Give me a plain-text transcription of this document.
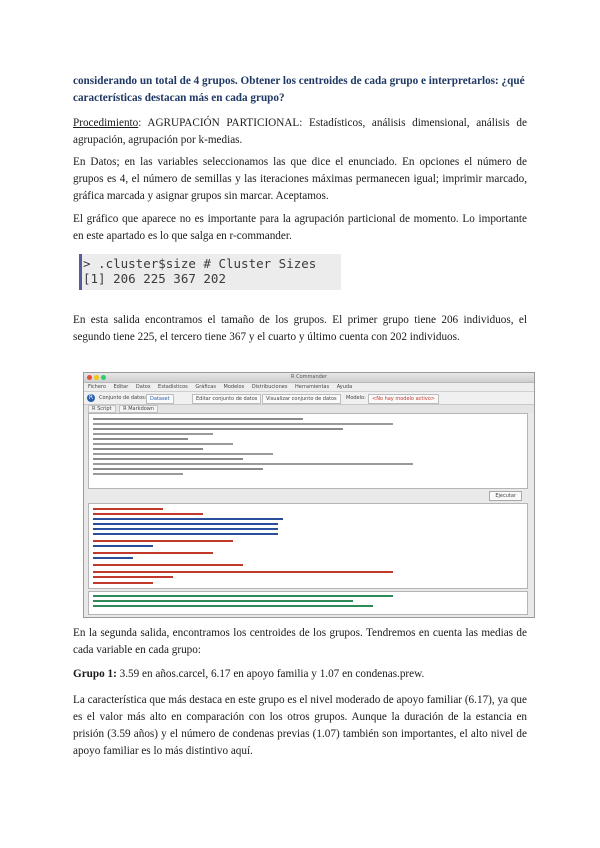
considerando un total de 4 grupos. Obtener los centroides de cada grupo e interpretarlos: ¿qué
características destacan más en cada grupo?
Procedimiento: AGRUPACIÓN PARTICIONAL: Estadísticos, análisis dimensional, análisis de agrupación, agrupación por k-medias.
En Datos; en las variables seleccionamos las que dice el enunciado. En opciones el número de grupos es 4, el número de semillas y las iteraciones máximas permanecen igual; imprimir marcado, gráfica marcada y asignar grupos sin marcar. Aceptamos.
El gráfico que aparece no es importante para la agrupación particional de momento. Lo importante en este apartado es lo que salga en r-commander.
> .cluster$size # Cluster Sizes
[1] 206 225 367 202
En esta salida encontramos el tamaño de los grupos. El primer grupo tiene 206 individuos, el segundo tiene 225, el tercero tiene 367 y el cuarto y último cuenta con 202 individuos.
R Commander
Fichero Editar Datos Estadísticos Gráficas Modelos Distribuciones Herramientas Ayuda
R	Conjunto de datos: Dataset	Editar conjunto de datos	Visualizar conjunto de datos	Modelo:	<No hay modelo activo>
R Script R Markdown
Ejecutar
En la segunda salida, encontramos los centroides de los grupos. Tendremos en cuenta las medias de cada variable en cada grupo:
Grupo 1: 3.59 en años.carcel, 6.17 en apoyo familia y 1.07 en condenas.prew.
La característica que más destaca en este grupo es el nivel moderado de apoyo familiar (6.17), ya que es el valor más alto en comparación con los otros grupos. Aunque la duración de la estancia en prisión (3.59 años) y el número de condenas previas (1.07) también son importantes, el alto nivel de apoyo familiar es lo más distintivo aquí.
